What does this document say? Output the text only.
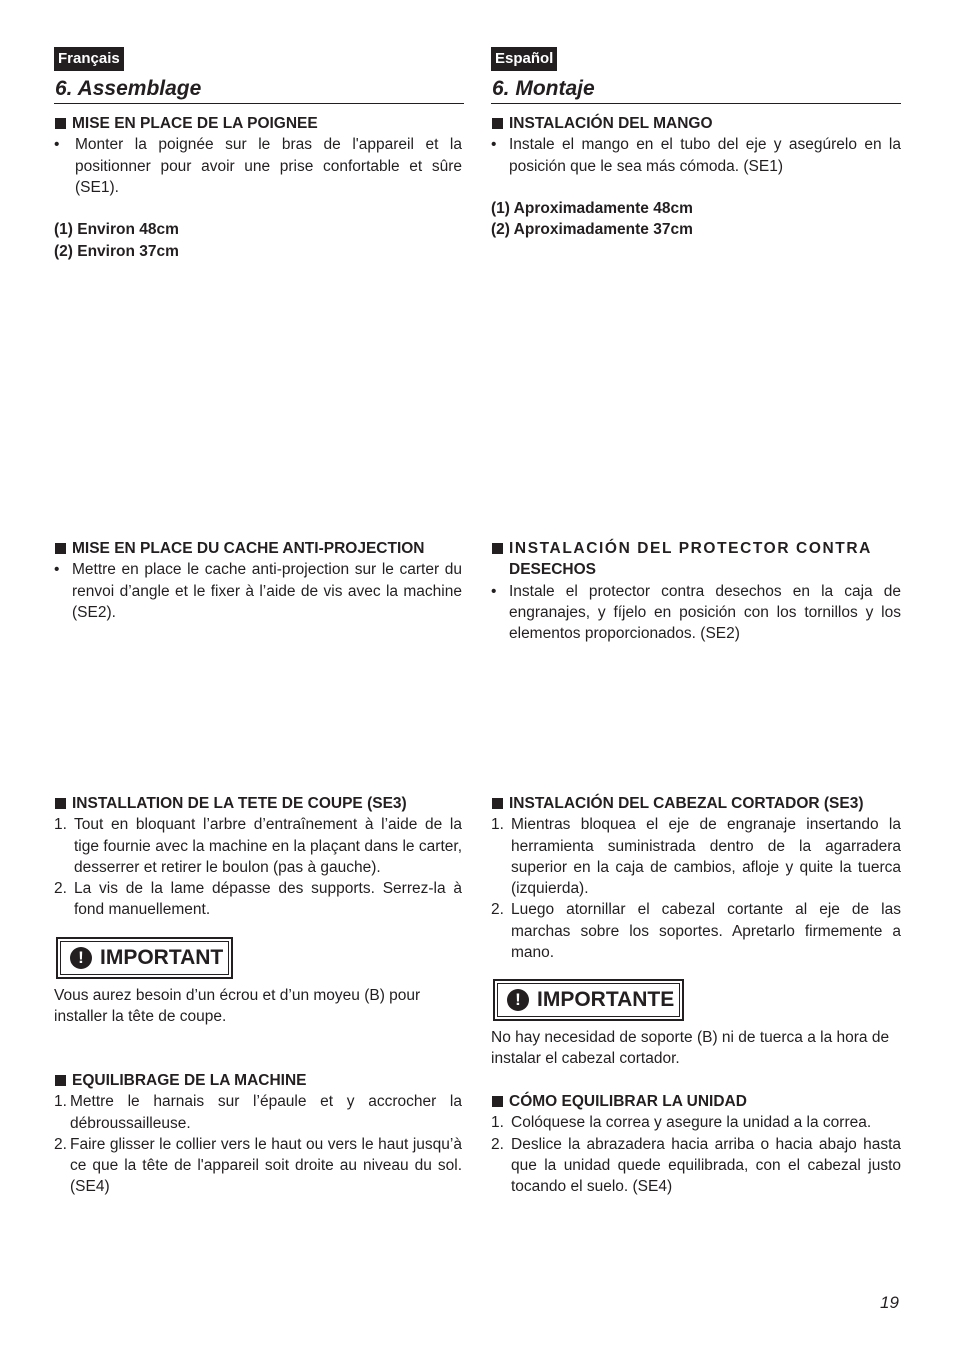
Français	Español
6. Assemblage	6. Montaje
MISE EN PLACE DE LA POIGNEE
• Monter la poignée sur le bras de l'appareil et la positionner pour avoir une prise confortable et sûre (SE1).
(1) Environ 48cm
(2) Environ 37cm
MISE EN PLACE DU CACHE ANTI-PROJECTION
• Mettre en place le cache anti-projection sur le carter du renvoi d’angle et le fixer à l’aide de vis avec la machine (SE2).
INSTALLATION DE LA TETE DE COUPE (SE3)
1. Tout en bloquant l’arbre d’entraînement à l’aide de la tige fournie avec la machine en la plaçant dans le carter, desserrer et retirer le boulon (pas à gauche).
2. La vis de la lame dépasse des supports. Serrez-la à fond manuellement.
! IMPORTANT
Vous aurez besoin d’un écrou et d’un moyeu (B) pour installer la tête de coupe.
EQUILIBRAGE DE LA MACHINE
1. Mettre le harnais sur l’épaule et y accrocher la débroussailleuse.
2. Faire glisser le collier vers le haut ou vers le haut jusqu’à ce que la tête de l'appareil soit droite au niveau du sol. (SE4)
INSTALACIÓN DEL MANGO
• Instale el mango en el tubo del eje y asegúrelo en la posición que le sea más cómoda. (SE1)
(1) Aproximadamente 48cm
(2) Aproximadamente 37cm
INSTALACIÓN DEL PROTECTOR CONTRA
DESECHOS
• Instale el protector contra desechos en la caja de engranajes, y fíjelo en posición con los tornillos y los elementos proporcionados. (SE2)
INSTALACIÓN DEL CABEZAL CORTADOR (SE3)
1. Mientras bloquea el eje de engranaje insertando la herramienta suministrada dentro de la agarradera superior en la caja de cambios, afloje y quite la tuerca (izquierda).
2. Luego atornillar el cabezal cortante al eje de las marchas sobre los soportes. Apretarlo firmemente a mano.
! IMPORTANTE
No hay necesidad de soporte (B) ni de tuerca a la hora de instalar el cabezal cortador.
CÓMO EQUILIBRAR LA UNIDAD
1. Colóquese la correa y asegure la unidad a la correa.
2. Deslice la abrazadera hacia arriba o hacia abajo hasta que la unidad quede equilibrada, con el cabezal justo tocando el suelo. (SE4)
19
